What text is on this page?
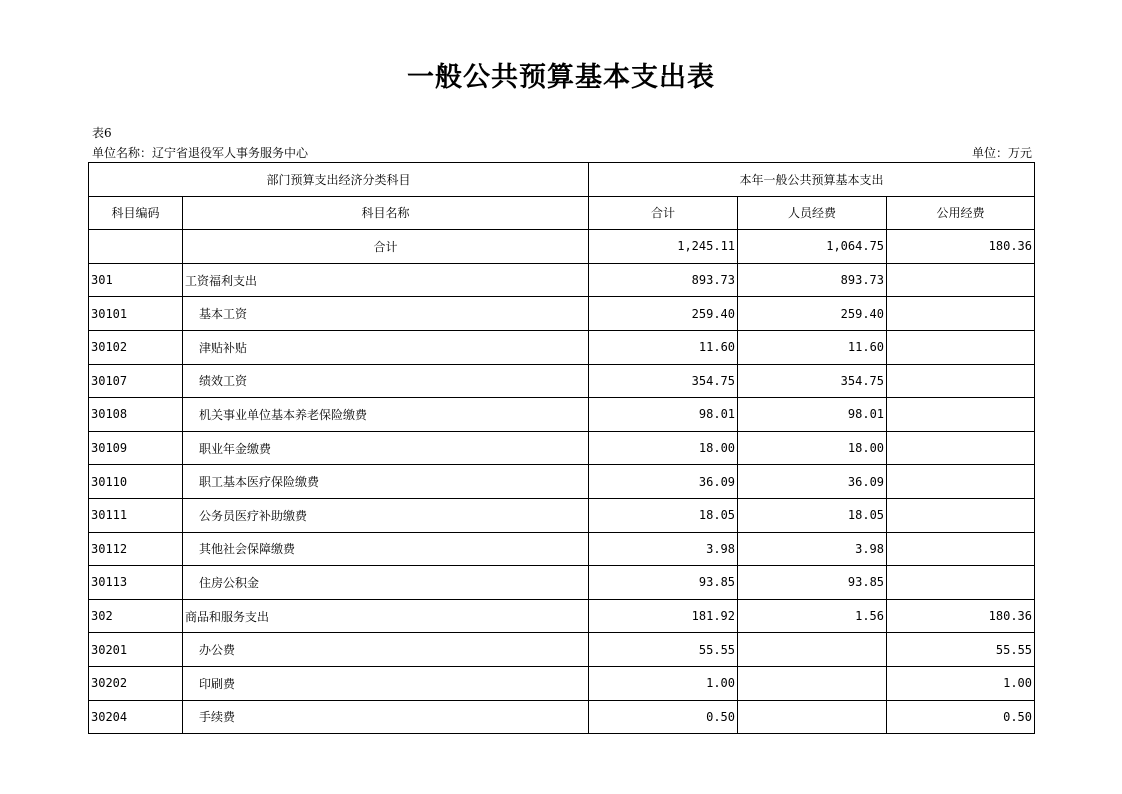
一般公共预算基本支出表
表6
单位名称：辽宁省退役军人事务服务中心	单位：万元
部门预算支出经济分类科目		本年一般公共预算基本支出		
科目编码	科目名称	合计	人员经费	公用经费
	合计	1,245.11	1,064.75	180.36
301	工资福利支出	893.73	893.73	
30101	基本工资	259.40	259.40	
30102	津贴补贴	11.60	11.60	
30107	绩效工资	354.75	354.75	
30108	机关事业单位基本养老保险缴费	98.01	98.01	
30109	职业年金缴费	18.00	18.00	
30110	职工基本医疗保险缴费	36.09	36.09	
30111	公务员医疗补助缴费	18.05	18.05	
30112	其他社会保障缴费	3.98	3.98	
30113	住房公积金	93.85	93.85	
302	商品和服务支出	181.92	1.56	180.36
30201	办公费	55.55		55.55
30202	印刷费	1.00		1.00
30204	手续费	0.50		0.50
